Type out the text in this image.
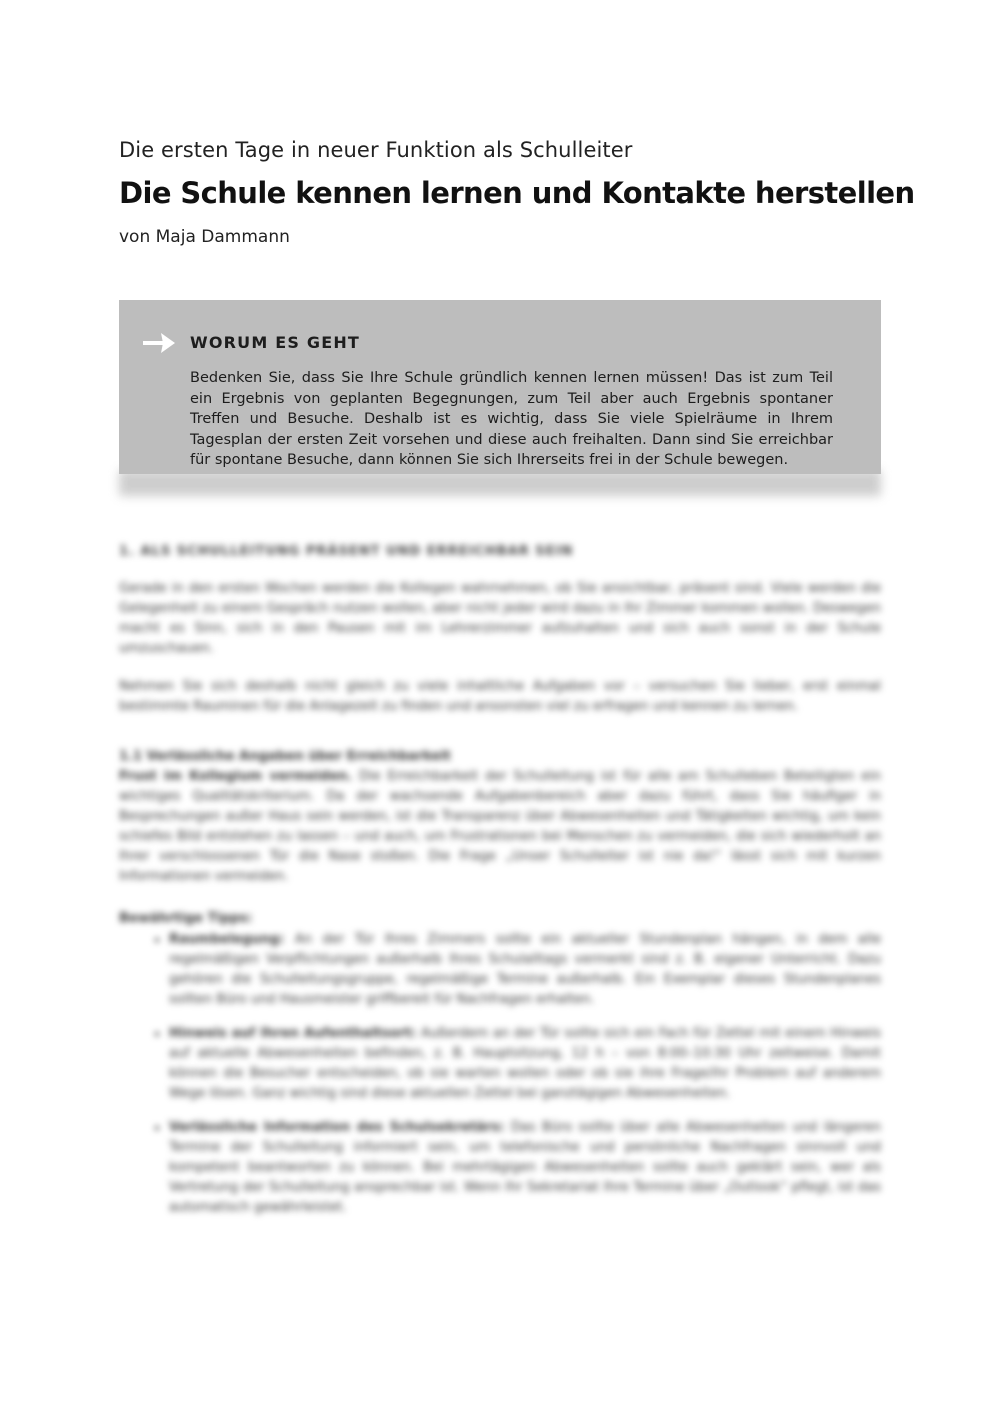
Die ersten Tage in neuer Funktion als Schulleiter
Die Schule kennen lernen und Kontakte herstellen
von Maja Dammann
WORUM ES GEHT
Bedenken Sie, dass Sie Ihre Schule gründlich kennen lernen müssen! Das ist zum Teil ein Ergebnis von geplanten Begegnungen, zum Teil aber auch Ergebnis spontaner Treffen und Besuche. Deshalb ist es wichtig, dass Sie viele Spielräume in Ihrem Tagesplan der ersten Zeit vorsehen und diese auch freihalten. Dann sind Sie erreichbar für spontane Besuche, dann können Sie sich Ihrerseits frei in der Schule bewegen.
1. ALS SCHULLEITUNG PRÄSENT UND ERREICHBAR SEIN

Gerade in den ersten Wochen werden die Kollegen wahrnehmen, ob Sie ansichtbar, präsent sind. Viele werden die Gelegenheit zu einem Gespräch nutzen wollen, aber nicht jeder wird dazu in Ihr Zimmer kommen wollen. Deswegen macht es Sinn, sich in den Pausen mit im Lehrerzimmer aufzuhalten und sich auch sonst in der Schule umzuschauen.

Nehmen Sie sich deshalb nicht gleich zu viele inhaltliche Aufgaben vor – versuchen Sie lieber, erst einmal bestimmte Rauminen für die Anlagezeit zu finden und ansonsten viel zu erfragen und kennen zu lernen.

1.1 Verlässliche Angaben über Erreichbarkeit

Frust im Kollegium vermeiden. Die Erreichbarkeit der Schulleitung ist für alle am Schulleben Beteiligten ein wichtiges Qualitätskriterium. Da der wachsende Aufgabenbereich aber dazu führt, dass Sie häufiger in Besprechungen außer Haus sein werden, ist die Transparenz über Abwesenheiten und Tätigkeiten wichtig, um kein schiefes Bild entstehen zu lassen – und auch, um Frustrationen bei Menschen zu vermeiden, die sich wiederholt an Ihrer verschlossenen Tür die Nase stoßen. Die Frage „Unser Schulleiter ist nie da!“ lässt sich mit kurzen Informationen vermeiden.

Bewährtige Tipps:
• Raumbelegung: An der Tür Ihres Zimmers sollte ein aktueller Stundenplan hängen, in dem alle regelmäßigen Verpflichtungen außerhalb Ihres Schulalltags vermerkt sind z. B. eigener Unterricht. Dazu gehören die Schulleitungsgruppe, regelmäßige Termine außerhalb. Ein Exemplar dieses Stundenplanes sollten Büro und Hausmeister griffbereit für Nachfragen erhalten.
• Hinweis auf Ihren Aufenthaltsort: Außerdem an der Tür sollte sich ein Fach für Zettel mit einem Hinweis auf aktuelle Abwesenheiten befinden, z. B. Hauptsitzung, 12 h – von 8:00–10:30 Uhr zeitweise. Damit können die Besucher entscheiden, ob sie warten wollen oder ob sie ihre Frage/ihr Problem auf anderem Wege lösen. Ganz wichtig sind diese aktuellen Zettel bei ganztägigen Abwesenheiten.
• Verlässliche Information des Schulsekretärs: Das Büro sollte über alle Abwesenheiten und längeren Termine der Schulleitung informiert sein, um telefonische und persönliche Nachfragen sinnvoll und kompetent beantworten zu können. Bei mehrtägigen Abwesenheiten sollte auch geklärt sein, wer als Vertretung der Schulleitung ansprechbar ist. Wenn Ihr Sekretariat Ihre Termine über „Outlook“ pflegt, ist das automatisch gewährleistet.
